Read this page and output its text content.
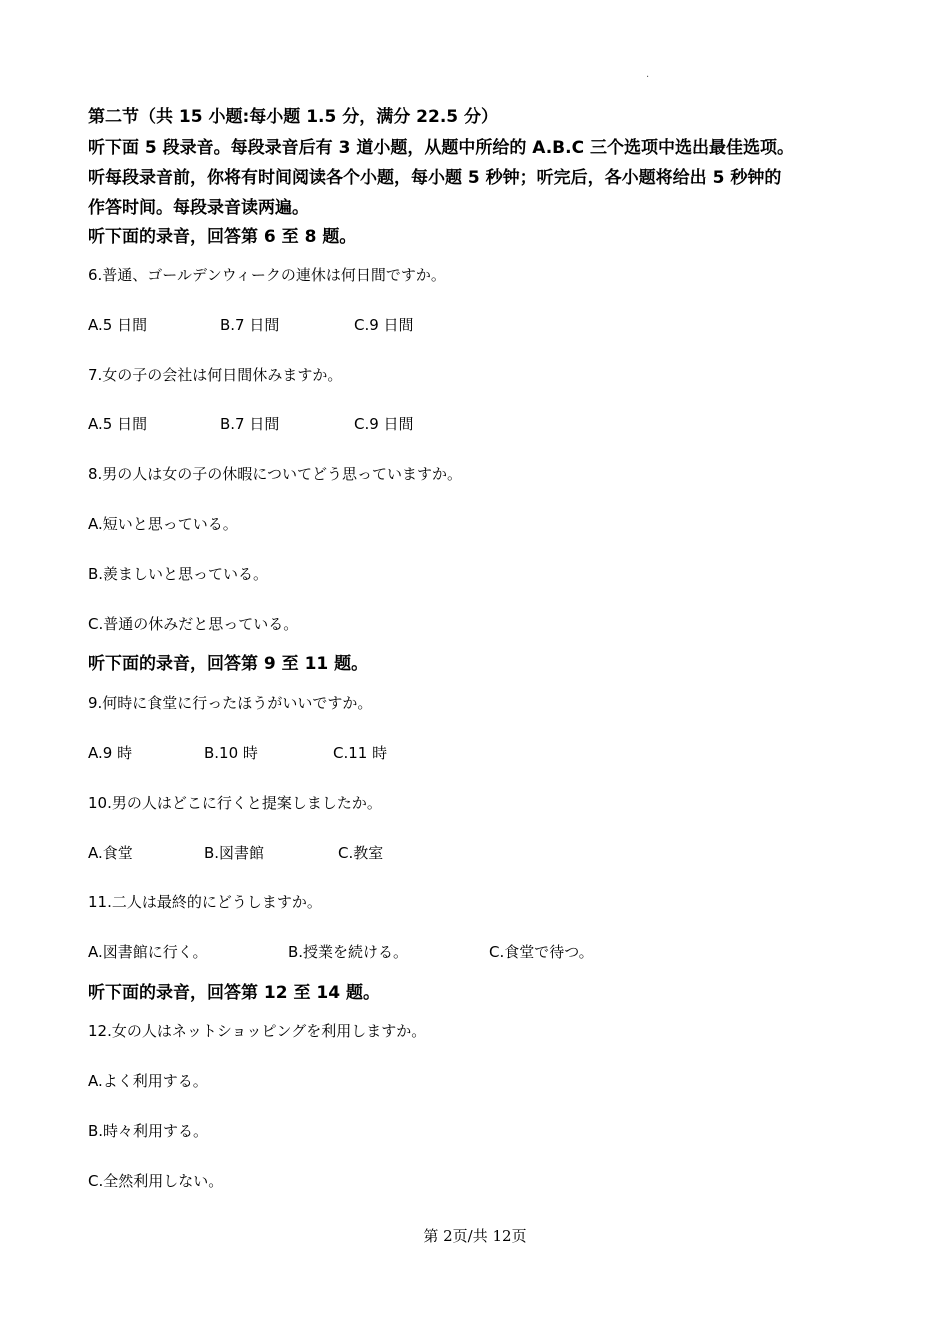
·
第二节（共 15 小题:每小题 1.5 分，满分 22.5 分）
听下面 5 段录音。每段录音后有 3 道小题，从题中所给的 A.B.C 三个选项中选出最佳选项。
听每段录音前，你将有时间阅读各个小题，每小题 5 秒钟；听完后，各小题将给出 5 秒钟的
作答时间。每段录音读两遍。
听下面的录音，回答第 6 至 8 题。
6.普通、ゴールデンウィークの連休は何日間ですか。
A.5 日間	B.7 日間	C.9 日間
7.女の子の会社は何日間休みますか。
A.5 日間	B.7 日間	C.9 日間
8.男の人は女の子の休暇についてどう思っていますか。
A.短いと思っている。
B.羨ましいと思っている。
C.普通の休みだと思っている。
听下面的录音，回答第 9 至 11 题。
9.何時に食堂に行ったほうがいいですか。
A.9 時	B.10 時	C.11 時
10.男の人はどこに行くと提案しましたか。
A.食堂	B.図書館	C.教室
11.二人は最終的にどうしますか。
A.図書館に行く。	B.授業を続ける。	C.食堂で待つ。
听下面的录音，回答第 12 至 14 题。
12.女の人はネットショッピングを利用しますか。
A.よく利用する。
B.時々利用する。
C.全然利用しない。
第 2页/共 12页
